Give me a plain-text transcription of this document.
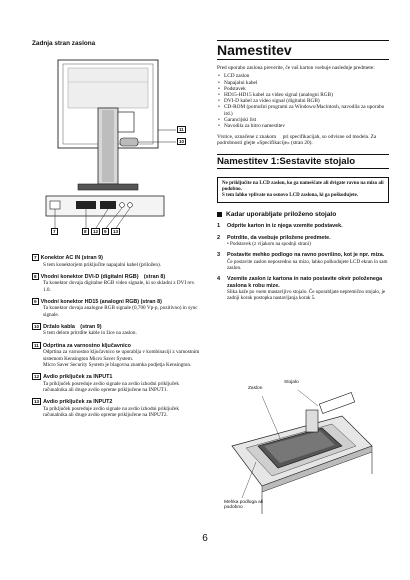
Zadnja stran zaslona
11
10
7	8	12	9	13
7 Konektor AC IN (stran 9)
S tem konektorjem priključite napajalni kabel (priložen).
8 Vhodni konektor DVI-D (digitalni RGB) (stran 8)
Ta konektor dovaja digitalne RGB video signale, ki so skladni z DVI rev. 1.0.
9 Vhodni konektor HD15 (analogni RGB) (stran 8)
Ta konektor dovaja analogne RGB signale (0,700 Vp-p, pozitivno) in sync signale.
10 Držalo kabla (stran 9)
S tem delom pritrdite kable in žice na zaslon.
11 Odprtina za varnostno ključavnico
Odprtina za varnostno ključavnico se uporablja v kombinaciji z varnostnim sistemom Kensington Micro Saver System.
Micro Saver Security System je blagovna znamka podjetja Kensington.
12 Avdio priključek za INPUT1 
Ta priključek posreduje avdio signale na avdio izhodni priključek računalnika ali druge avdio opreme priključene na INPUT1.
13 Avdio priključek za INPUT2 
Ta priključek posreduje avdio signale na avdio izhodni priključek računalnika ali druge avdio opreme priključene na INPUT2.
Namestitev
Pred uporabo zaslona preverite, če vaš karton vsebuje naslednje predmete:
• LCD zaslon
• Napajalni kabel
• Podstavek
• HD15-HD15 kabel za video signal (analogni RGB)
• DVI-D kabel za video signal (digitalni RGB)
• CD-ROM (pomožni programi za Windows/Macintosh, navodila za uporabo itd.)
• Garancijski list
• Navodila za hitro namestitev
Vrstice, označene z znakom  pri specifikacijah, so odvisne od modela. Za podrobnosti glejte »Specifikacije« (stran 20).
Namestitev 1:Sestavite stojalo

Ne priključite na LCD zaslon, ko ga nameščate ali dvigate ravno na mizo ali podobno.
S tem lahko vplivate na osnovo LCD zaslona, ki ga poškodujete.

Kadar uporabljate priloženo stojalo
1 Odprite karton in iz njega vzemite podstavek.
2 Potrdite, da vsebuje priložene predmete.
• Podstavek (z vijakom na spodnji strani)
3 Postavite mehko podlogo na ravno površino, kot je npr. miza.
Če postavite zaslon neposredno na mizo, lahko poškodujete LCD ekran in sam zaslon.
4 Vzemite zaslon iz kartona in nato postavite okvir položenega zaslona k robu mize.
Slika kaže po vsem mastavljivo stojalo. Če uporabljate nepremično stojalo, je zadnji korak postopka nastavljanja korak 5.
Zaslon
Stojalo
Mehka podloga ali podobno
6
